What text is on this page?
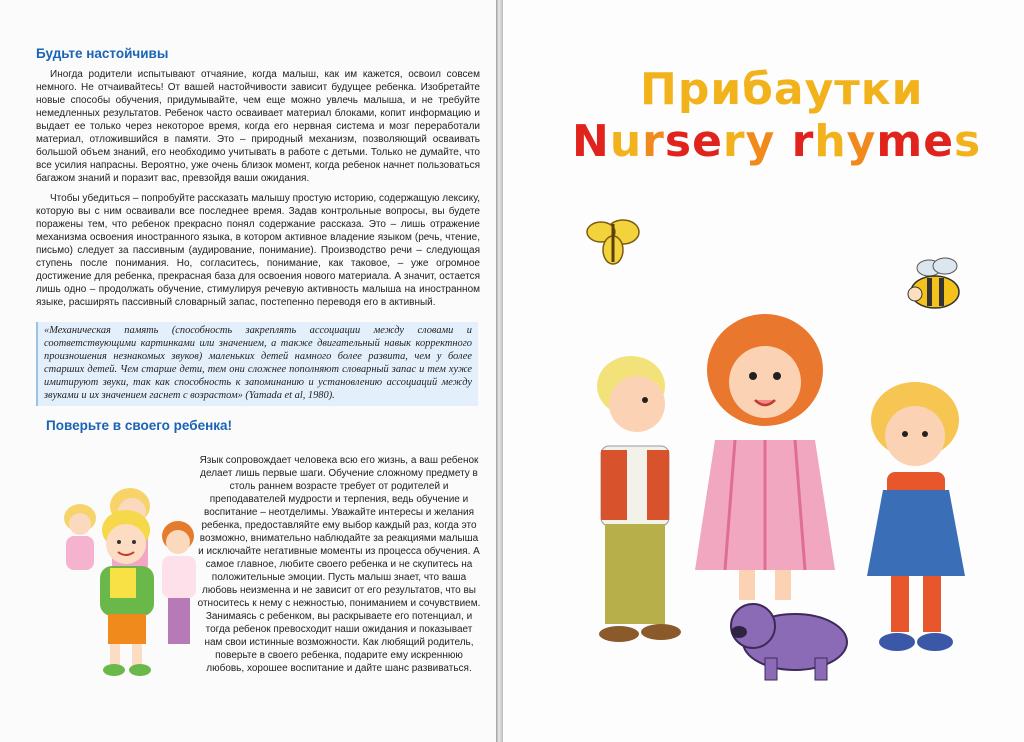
Будьте настойчивы

Иногда родители испытывают отчаяние, когда малыш, как им кажется, освоил совсем немного. Не отчаивайтесь! От вашей настойчивости зависит будущее ребенка. Изобретайте новые способы обучения, придумывайте, чем еще можно увлечь малыша, и не требуйте немедленных результатов. Ребенок часто осваивает материал блоками, копит информацию и выдает ее только через некоторое время, когда его нервная система и мозг переработали материал, отложившийся в памяти. Это – природный механизм, позволяющий осваивать большой объем знаний, его необходимо учитывать в работе с детьми. Только не думайте, что все усилия напрасны. Вероятно, уже очень близок момент, когда ребенок начнет пользоваться багажом знаний и поразит вас, превзойдя ваши ожидания.

Чтобы убедиться – попробуйте рассказать малышу простую историю, содержащую лексику, которую вы с ним осваивали все последнее время. Задав контрольные вопросы, вы будете поражены тем, что ребенок прекрасно понял содержание рассказа. Это – лишь отражение механизма освоения иностранного языка, в котором активное владение языком (речь, чтение, письмо) следует за пассивным (аудирование, понимание). Производство речи – следующая ступень после понимания. Но, согласитесь, понимание, как таковое, – уже огромное достижение для ребенка, прекрасная база для освоения нового материала. А значит, остается лишь одно – продолжать обучение, стимулируя речевую активность малыша на иностранном языке, расширять пассивный словарный запас, постепенно переводя его в активный.

«Механическая память (способность закреплять ассоциации между словами и соответствующими картинками или значением, а также двигательный навык корректного произношения незнакомых звуков) маленьких детей намного более развита, чем у более старших детей. Чем старше дети, тем они сложнее пополняют словарный запас и тем хуже имитируют звуки, так как способность к запоминанию и установлению ассоциаций между звуками и их значением гаснет с возрастом» (Yamada et al, 1980).
Поверьте в своего ребенка!

Язык сопровождает человека всю его жизнь, а ваш ребенок делает лишь первые шаги. Обучение сложному предмету в столь раннем возрасте требует от родителей и преподавателей мудрости и терпения, ведь обучение и воспитание – неотделимы. Уважайте интересы и желания ребенка, предоставляйте ему выбор каждый раз, когда это возможно, внимательно наблюдайте за реакциями малыша и исключайте негативные моменты из процесса обучения. А самое главное, любите своего ребенка и не скупитесь на положительные эмоции. Пусть малыш знает, что ваша любовь неизменна и не зависит от его результатов, что вы относитесь к нему с нежностью, пониманием и сочувствием. Занимаясь с ребенком, вы раскрываете его потенциал, и тогда ребенок превосходит наши ожидания и показывает нам свои истинные возможности. Как любящий родитель, поверьте в своего ребенка, подарите ему искреннюю любовь, хорошее воспитание и дайте шанс развиваться.

Прибаутки
Nursery rhymes
